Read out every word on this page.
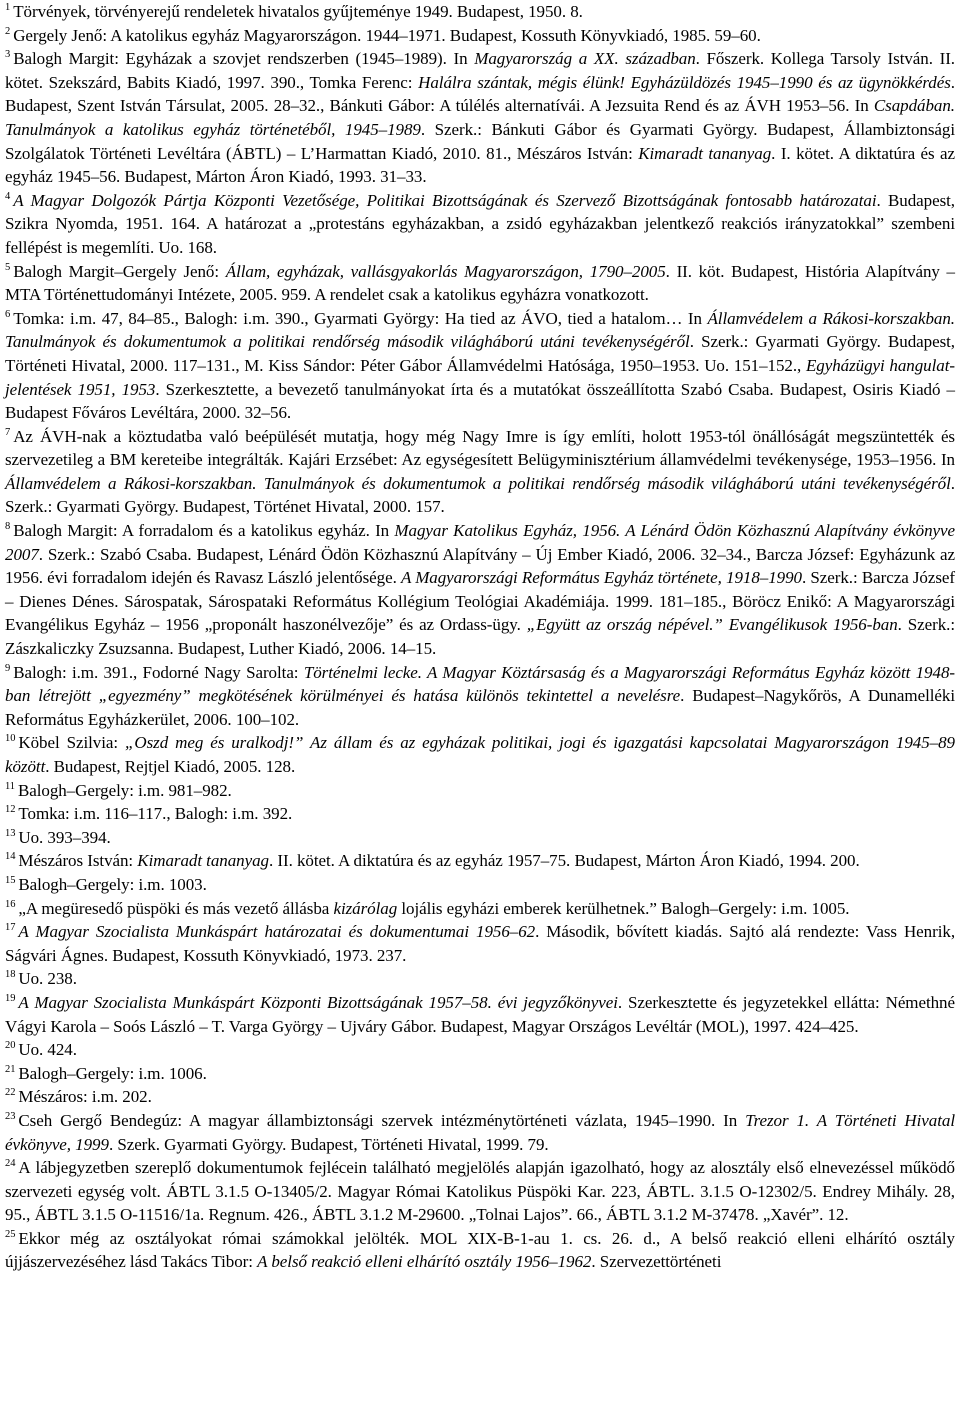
$^1$ Törvények, törvényerejű rendeletek hivatalos gyűjteménye 1949. Budapest, 1950. 8.

$^2$ Gergely Jenő: A katolikus egyház Magyarországon. 1944–1971. Budapest, Kossuth Könyvkiadó, 1985. 59–60.

$^3$ Balogh Margit: Egyházak a szovjet rendszerben (1945–1989). In Magyarország a XX. században. Főszerk. Kollega Tarsoly István. II. kötet. Szekszárd, Babits Kiadó, 1997. 390., Tomka Ferenc: Halálra szántak, mégis élünk! Egyházüldözés 1945–1990 és az ügynökkérdés. Budapest, Szent István Társulat, 2005. 28–32., Bánkuti Gábor: A túlélés alternatívái. A Jezsuita Rend és az ÁVH 1953–56. In Csapdában. Tanulmányok a katolikus egyház történetéből, 1945–1989. Szerk.: Bánkuti Gábor és Gyarmati György. Budapest, Állambiztonsági Szolgálatok Történeti Levéltára (ÁBTL) – L’Harmattan Kiadó, 2010. 81., Mészáros István: Kimaradt tananyag. I. kötet. A diktatúra és az egyház 1945–56. Budapest, Márton Áron Kiadó, 1993. 31–33.

$^4$ A Magyar Dolgozók Pártja Központi Vezetősége, Politikai Bizottságának és Szervező Bizottságának fontosabb határozatai. Budapest, Szikra Nyomda, 1951. 164. A határozat a „protestáns egyházakban, a zsidó egyházakban jelentkező reakciós irányzatokkal” szembeni fellépést is megemlíti. Uo. 168.

$^5$ Balogh Margit–Gergely Jenő: Állam, egyházak, vallásgyakorlás Magyarországon, 1790–2005. II. köt. Budapest, História Alapítvány – MTA Történettudományi Intézete, 2005. 959. A rendelet csak a katolikus egyházra vonatkozott.

$^6$ Tomka: i.m. 47, 84–85., Balogh: i.m. 390., Gyarmati György: Ha tied az ÁVO, tied a hatalom… In Államvédelem a Rákosi-korszakban. Tanulmányok és dokumentumok a politikai rendőrség második világháború utáni tevékenységéről. Szerk.: Gyarmati György. Budapest, Történeti Hivatal, 2000. 117–131., M. Kiss Sándor: Péter Gábor Államvédelmi Hatósága, 1950–1953. Uo. 151–152., Egyházügyi hangulat-jelentések 1951, 1953. Szerkesztette, a bevezető tanulmányokat írta és a mutatókat összeállította Szabó Csaba. Budapest, Osiris Kiadó – Budapest Főváros Levéltára, 2000. 32–56.

$^7$ Az ÁVH-nak a köztudatba való beépülését mutatja, hogy még Nagy Imre is így említi, holott 1953-tól önállóságát megszüntették és szervezetileg a BM kereteibe integrálták. Kajári Erzsébet: Az egységesített Belügyminisztérium államvédelmi tevékenysége, 1953–1956. In Államvédelem a Rákosi-korszakban. Tanulmányok és dokumentumok a politikai rendőrség második világháború utáni tevékenységéről. Szerk.: Gyarmati György. Budapest, Történet Hivatal, 2000. 157.

$^8$ Balogh Margit: A forradalom és a katolikus egyház. In Magyar Katolikus Egyház, 1956. A Lénárd Ödön Közhasznú Alapítvány évkönyve 2007. Szerk.: Szabó Csaba. Budapest, Lénárd Ödön Közhasznú Alapítvány – Új Ember Kiadó, 2006. 32–34., Barcza József: Egyházunk az 1956. évi forradalom idején és Ravasz László jelentősége. A Magyarországi Református Egyház története, 1918–1990. Szerk.: Barcza József – Dienes Dénes. Sárospatak, Sárospataki Református Kollégium Teológiai Akadémiája. 1999. 181–185., Böröcz Enikő: A Magyarországi Evangélikus Egyház – 1956 „proponált haszonélvezője” és az Ordass-ügy. „Együtt az ország népével.” Evangélikusok 1956-ban. Szerk.: Zászkaliczky Zsuzsanna. Budapest, Luther Kiadó, 2006. 14–15.

$^9$ Balogh: i.m. 391., Fodorné Nagy Sarolta: Történelmi lecke. A Magyar Köztársaság és a Magyarországi Református Egyház között 1948-ban létrejött „egyezmény” megkötésének körülményei és hatása különös tekintettel a nevelésre. Budapest–Nagykőrös, A Dunamelléki Református Egyházkerület, 2006. 100–102.

$^{10}$ Köbel Szilvia: „Oszd meg és uralkodj!” Az állam és az egyházak politikai, jogi és igazgatási kapcsolatai Magyarországon 1945–89 között. Budapest, Rejtjel Kiadó, 2005. 128.

$^{11}$ Balogh–Gergely: i.m. 981–982.

$^{12}$ Tomka: i.m. 116–117., Balogh: i.m. 392.

$^{13}$ Uo. 393–394.

$^{14}$ Mészáros István: Kimaradt tananyag. II. kötet. A diktatúra és az egyház 1957–75. Budapest, Márton Áron Kiadó, 1994. 200.

$^{15}$ Balogh–Gergely: i.m. 1003.

$^{16}$ „A megüresedő püspöki és más vezető állásba kizárólag lojális egyházi emberek kerülhetnek.” Balogh–Gergely: i.m. 1005.

$^{17}$ A Magyar Szocialista Munkáspárt határozatai és dokumentumai 1956–62. Második, bővített kiadás. Sajtó alá rendezte: Vass Henrik, Ságvári Ágnes. Budapest, Kossuth Könyvkiadó, 1973. 237.

$^{18}$ Uo. 238.

$^{19}$ A Magyar Szocialista Munkáspárt Központi Bizottságának 1957–58. évi jegyzőkönyvei. Szerkesztette és jegyzetekkel ellátta: Némethné Vágyi Karola – Soós László – T. Varga György – Ujváry Gábor. Budapest, Magyar Országos Levéltár (MOL), 1997. 424–425.

$^{20}$ Uo. 424.

$^{21}$ Balogh–Gergely: i.m. 1006.

$^{22}$ Mészáros: i.m. 202.

$^{23}$ Cseh Gergő Bendegúz: A magyar állambiztonsági szervek intézménytörténeti vázlata, 1945–1990. In Trezor 1. A Történeti Hivatal évkönyve, 1999. Szerk. Gyarmati György. Budapest, Történeti Hivatal, 1999. 79.

$^{24}$ A lábjegyzetben szereplő dokumentumok fejlécein található megjelölés alapján igazolható, hogy az alosztály első elnevezéssel működő szervezeti egység volt. ÁBTL 3.1.5 O-13405/2. Magyar Római Katolikus Püspöki Kar. 223, ÁBTL. 3.1.5 O-12302/5. Endrey Mihály. 28, 95., ÁBTL 3.1.5 O-11516/1a. Regnum. 426., ÁBTL 3.1.2 M-29600. „Tolnai Lajos”. 66., ÁBTL 3.1.2 M-37478. „Xavér”. 12.

$^{25}$ Ekkor még az osztályokat római számokkal jelölték. MOL XIX-B-1-au 1. cs. 26. d., A belső reakció elleni elhárító osztály újjászervezéséhez lásd Takács Tibor: A belső reakció elleni elhárító osztály 1956–1962. Szervezettörténeti
